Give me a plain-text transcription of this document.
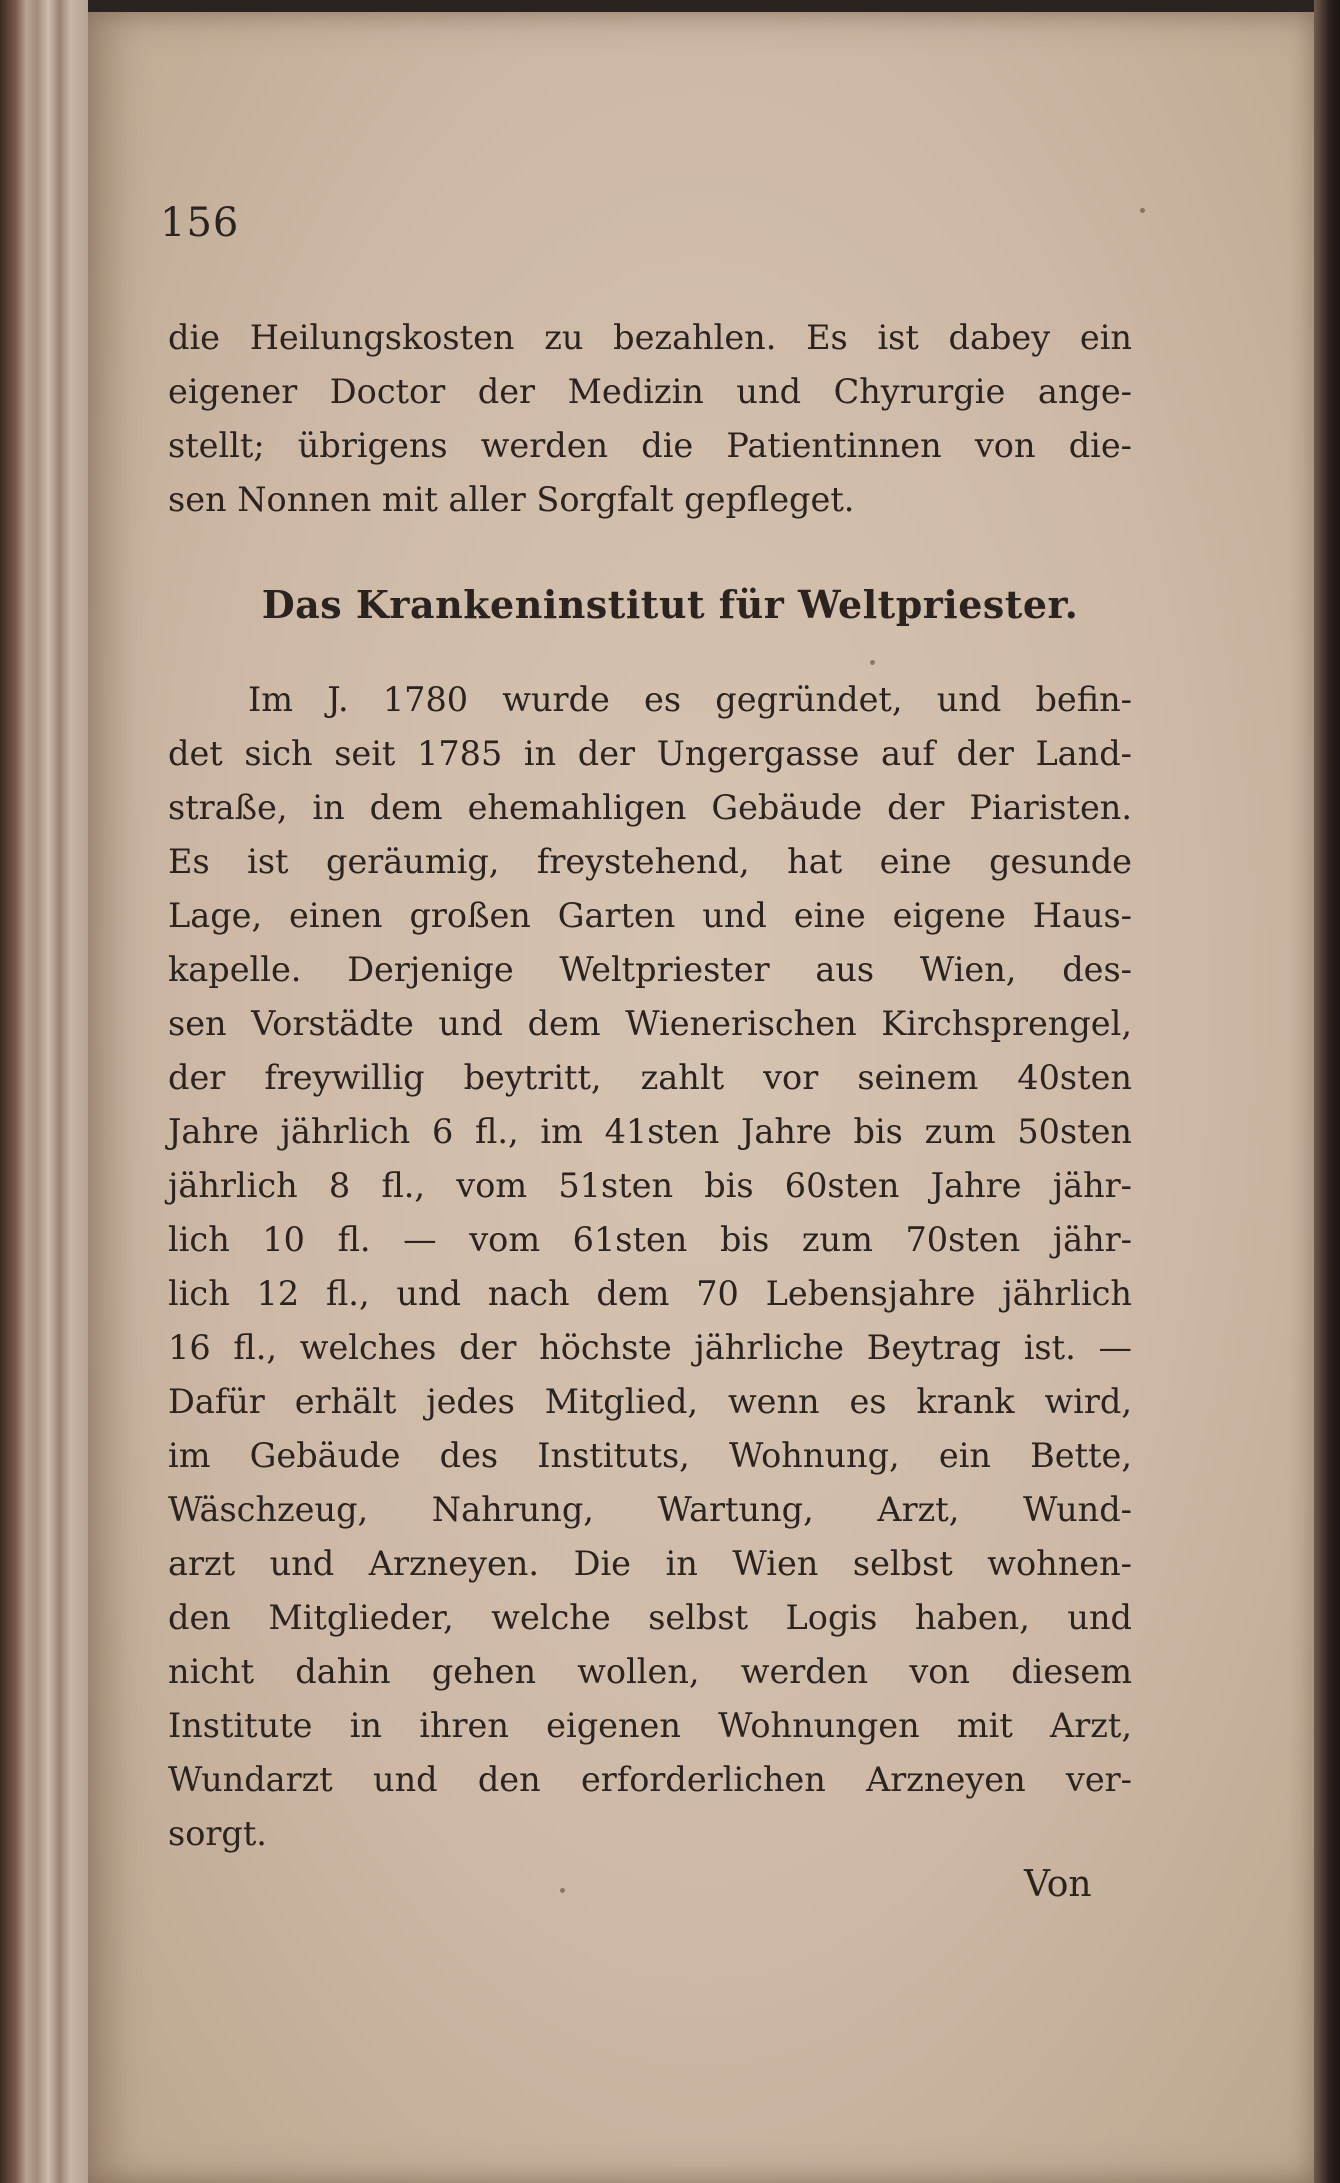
156
die Heilungskosten zu bezahlen. Es ist dabey ein
eigener Doctor der Medizin und Chyrurgie ange-
stellt; übrigens werden die Patientinnen von die-
sen Nonnen mit aller Sorgfalt gepfleget.
Das Krankeninstitut für Weltpriester.
Im J. 1780 wurde es gegründet, und befin-
det sich seit 1785 in der Ungergasse auf der Land-
straße, in dem ehemahligen Gebäude der Piaristen.
Es ist geräumig, freystehend, hat eine gesunde
Lage, einen großen Garten und eine eigene Haus-
kapelle. Derjenige Weltpriester aus Wien, des-
sen Vorstädte und dem Wienerischen Kirchsprengel,
der freywillig beytritt, zahlt vor seinem 40sten
Jahre jährlich 6 fl., im 41sten Jahre bis zum 50sten
jährlich 8 fl., vom 51sten bis 60sten Jahre jähr-
lich 10 fl. — vom 61sten bis zum 70sten jähr-
lich 12 fl., und nach dem 70 Lebensjahre jährlich
16 fl., welches der höchste jährliche Beytrag ist. —
Dafür erhält jedes Mitglied, wenn es krank wird,
im Gebäude des Instituts, Wohnung, ein Bette,
Wäschzeug, Nahrung, Wartung, Arzt, Wund-
arzt und Arzneyen. Die in Wien selbst wohnen-
den Mitglieder, welche selbst Logis haben, und
nicht dahin gehen wollen, werden von diesem
Institute in ihren eigenen Wohnungen mit Arzt,
Wundarzt und den erforderlichen Arzneyen ver-
sorgt.
Von
